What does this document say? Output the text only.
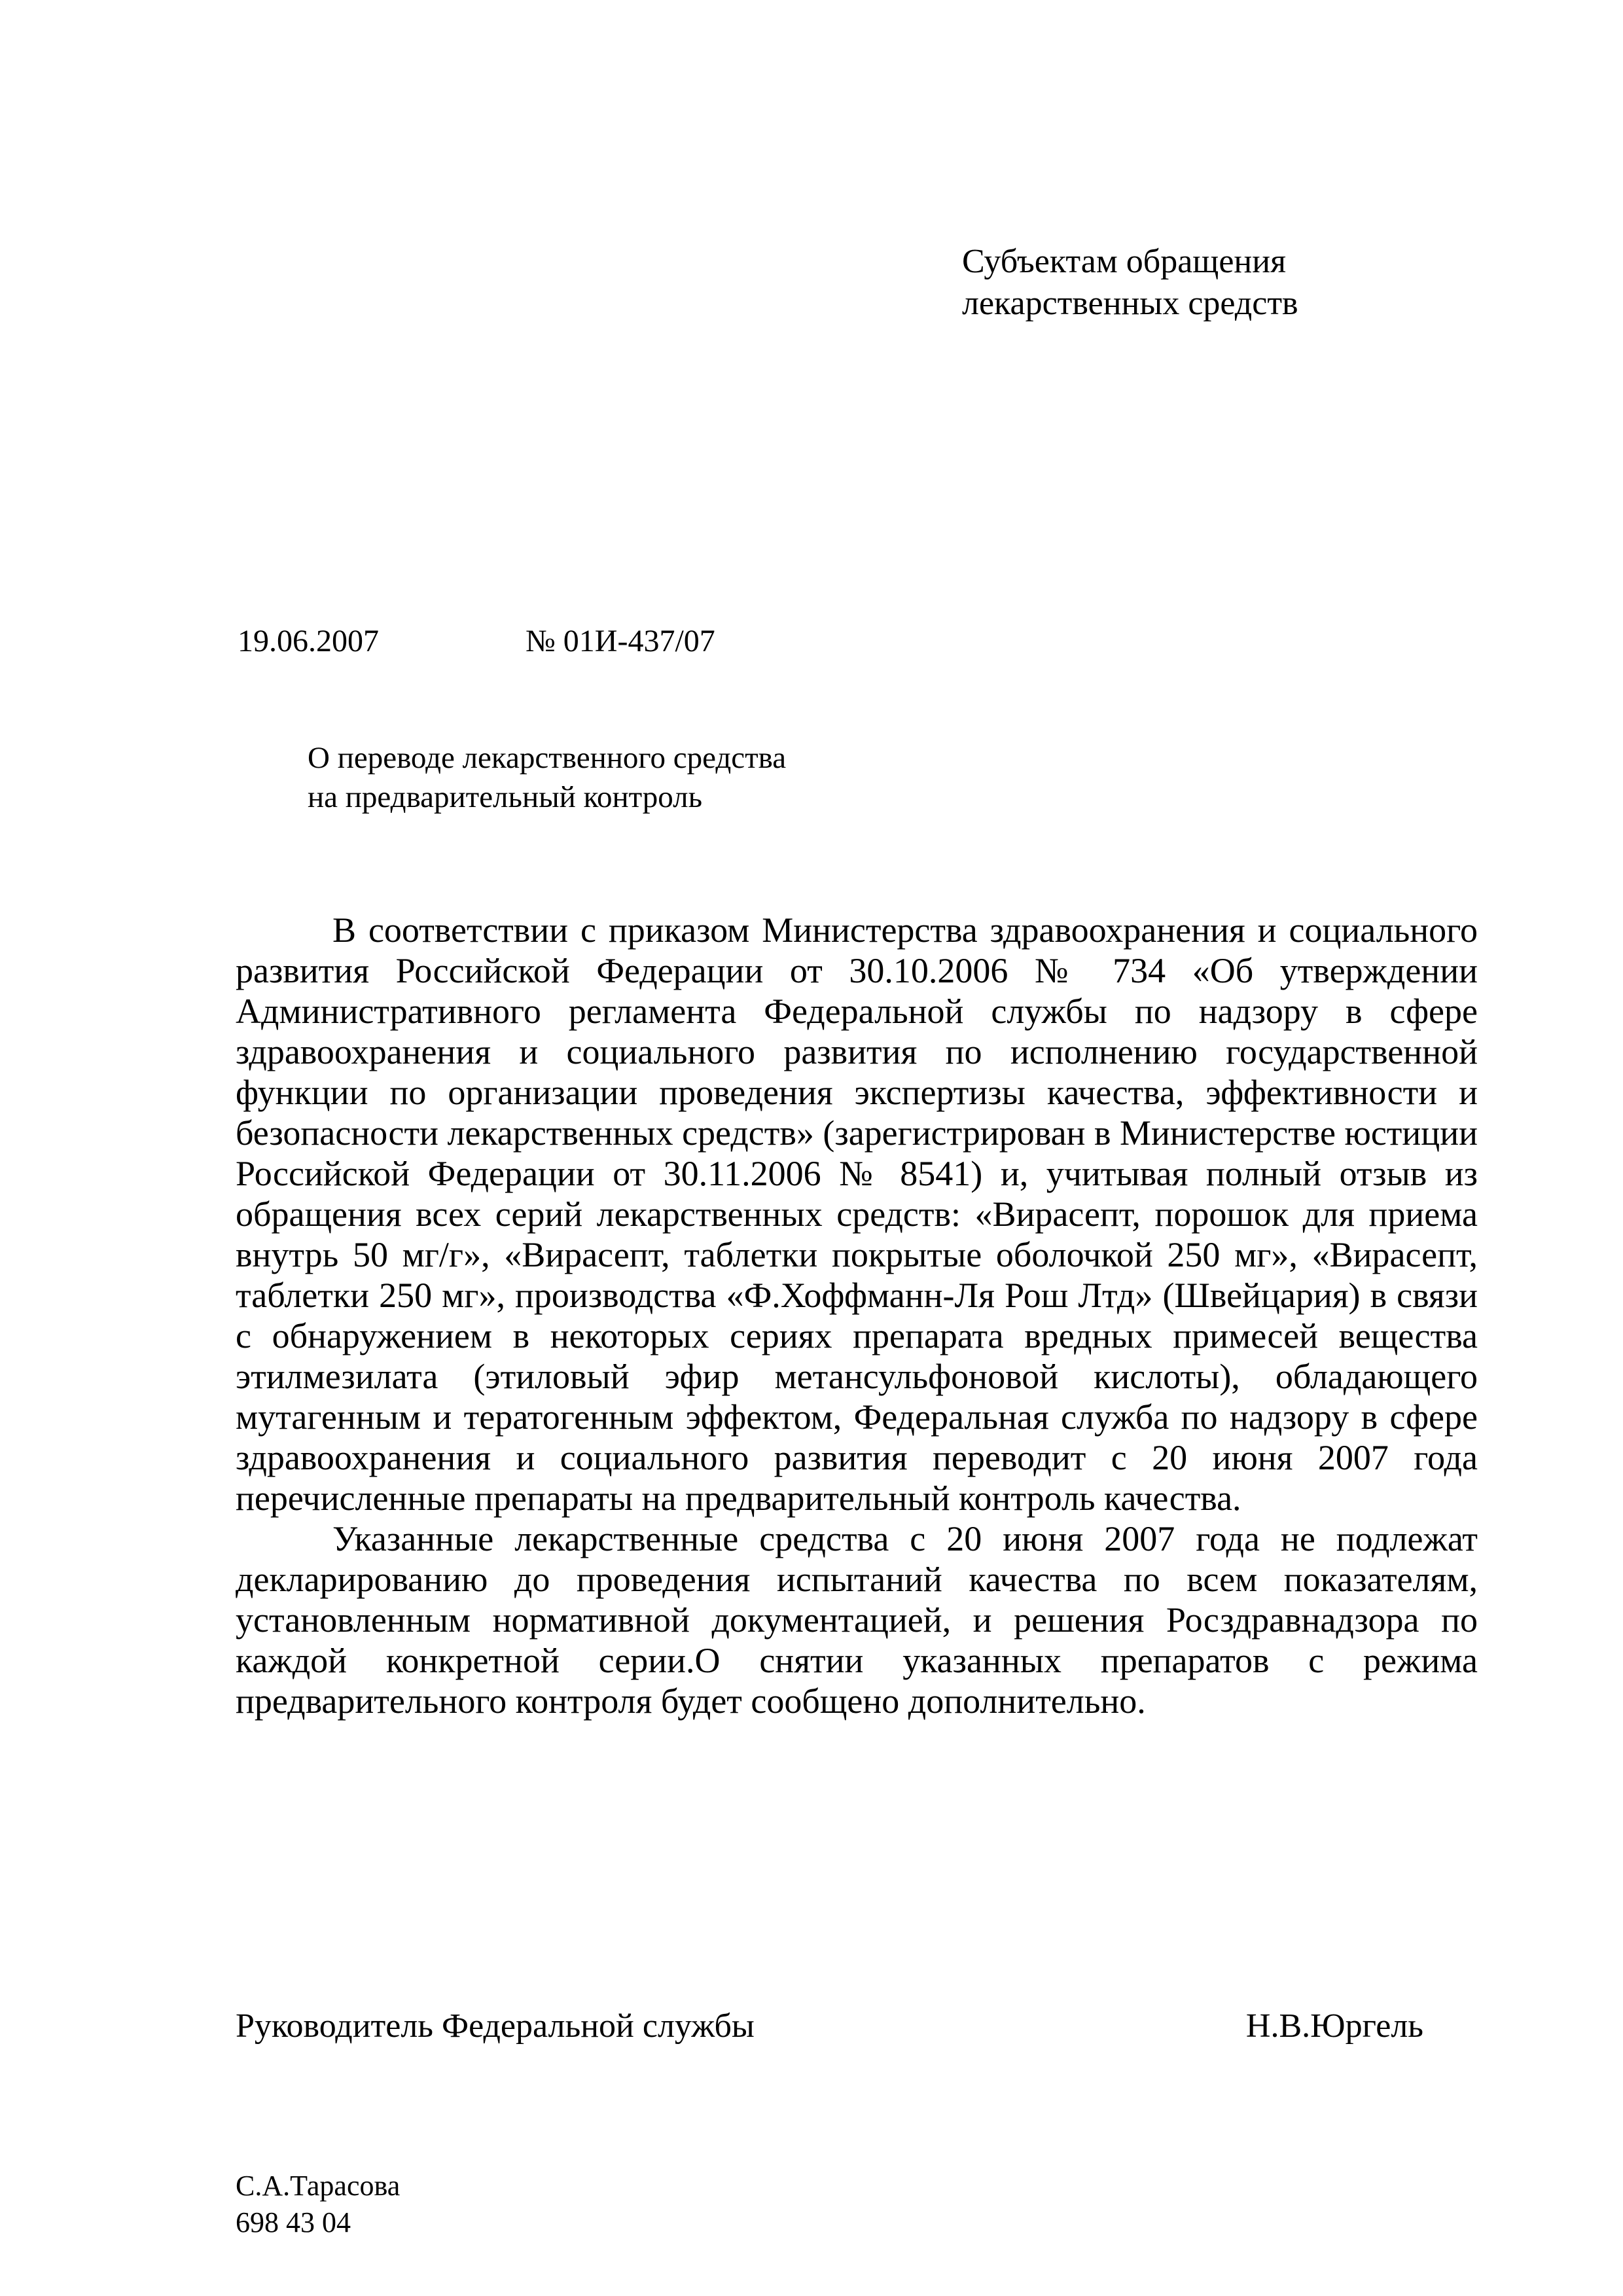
Субъектам обращения
лекарственных средств
19.06.2007	№ 01И-437/07
О переводе лекарственного средства
на предварительный контроль

В соответствии с приказом Министерства здравоохранения и социального развития Российской Федерации от 30.10.2006 № 734 «Об утверждении Административного регламента Федеральной службы по надзору в сфере здравоохранения и социального развития по исполнению государственной функции по организации проведения экспертизы качества, эффективности и безопасности лекарственных средств» (зарегистрирован в Министерстве юстиции Российской Федерации от 30.11.2006 № 8541) и, учитывая полный отзыв из обращения всех серий лекарственных средств: «Вирасепт, порошок для приема внутрь 50 мг/г», «Вирасепт, таблетки покрытые оболочкой 250 мг», «Вирасепт, таблетки 250 мг», производства «Ф.Хоффманн-Ля Рош Лтд» (Швейцария) в связи с обнаружением в некоторых сериях препарата вредных примесей вещества этилмезилата (этиловый эфир метансульфоновой кислоты), обладающего мутагенным и тератогенным эффектом, Федеральная служба по надзору в сфере здравоохранения и социального развития переводит с 20 июня 2007 года перечисленные препараты на предварительный контроль качества.

Указанные лекарственные средства с 20 июня 2007 года не подлежат декларированию до проведения испытаний качества по всем показателям, установленным нормативной документацией, и решения Росздравнадзора по каждой конкретной серии.О снятии указанных препаратов с режима предварительного контроля будет сообщено дополнительно.

Руководитель Федеральной службы	Н.В.Юргель
С.А.Тарасова
698 43 04
